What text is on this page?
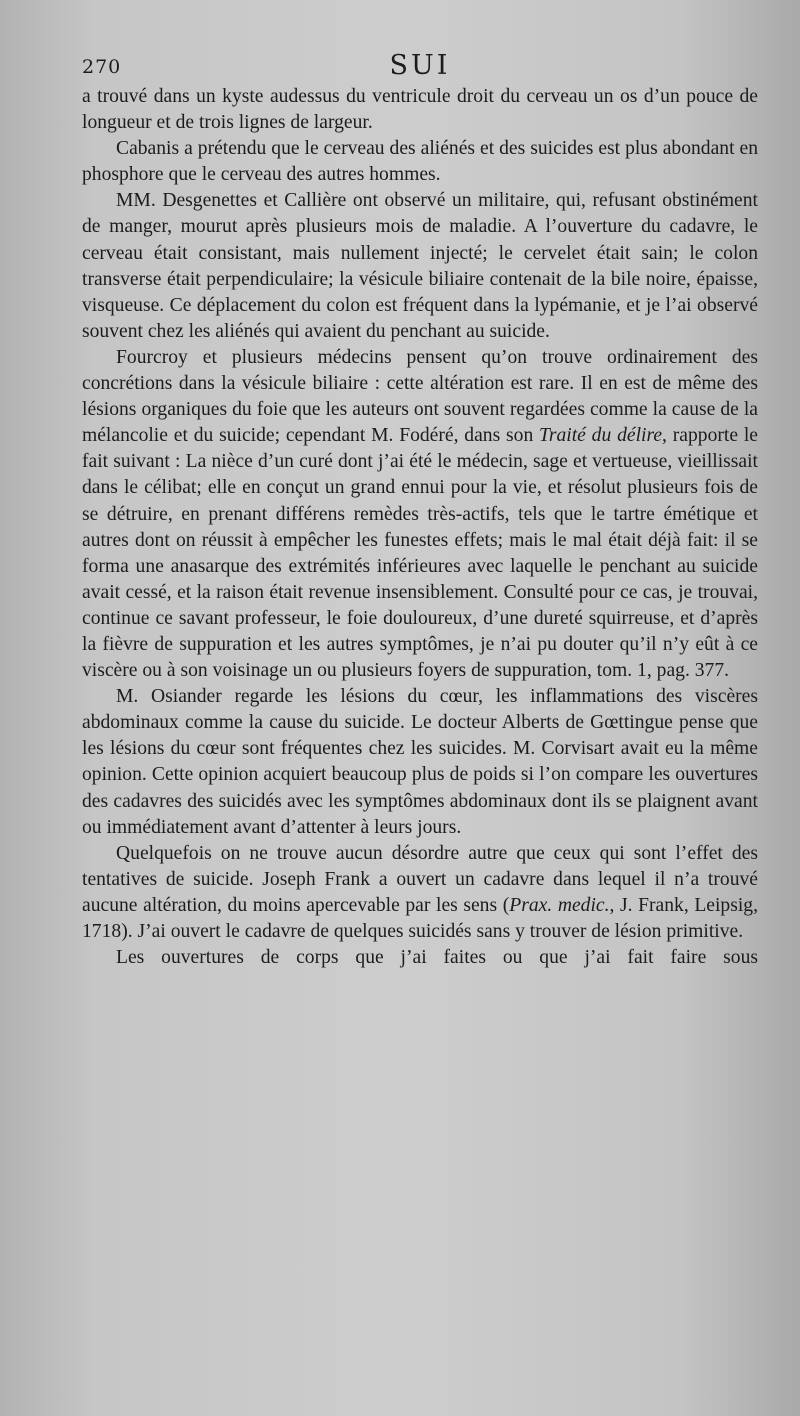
270	SUI

a trouvé dans un kyste audessus du ventricule droit du cerveau un os d’un pouce de longueur et de trois lignes de largeur.

Cabanis a prétendu que le cerveau des aliénés et des suicides est plus abondant en phosphore que le cerveau des autres hommes.

MM. Desgenettes et Callière ont observé un militaire, qui, refusant obstinément de manger, mourut après plusieurs mois de maladie. A l’ouverture du cadavre, le cerveau était consistant, mais nullement injecté; le cervelet était sain; le colon transverse était perpendiculaire; la vésicule biliaire contenait de la bile noire, épaisse, visqueuse. Ce déplacement du colon est fréquent dans la lypémanie, et je l’ai observé souvent chez les aliénés qui avaient du penchant au suicide.

Fourcroy et plusieurs médecins pensent qu’on trouve ordinairement des concrétions dans la vésicule biliaire : cette altération est rare. Il en est de même des lésions organiques du foie que les auteurs ont souvent regardées comme la cause de la mélancolie et du suicide; cependant M. Fodéré, dans son Traité du délire, rapporte le fait suivant : La nièce d’un curé dont j’ai été le médecin, sage et vertueuse, vieillissait dans le célibat; elle en conçut un grand ennui pour la vie, et résolut plusieurs fois de se détruire, en prenant différens remèdes très-actifs, tels que le tartre émétique et autres dont on réussit à empêcher les funestes effets; mais le mal était déjà fait: il se forma une anasarque des extrémités inférieures avec laquelle le penchant au suicide avait cessé, et la raison était revenue insensiblement. Consulté pour ce cas, je trouvai, continue ce savant professeur, le foie douloureux, d’une dureté squirreuse, et d’après la fièvre de suppuration et les autres symptômes, je n’ai pu douter qu’il n’y eût à ce viscère ou à son voisinage un ou plusieurs foyers de suppuration, tom. 1, pag. 377.

M. Osiander regarde les lésions du cœur, les inflammations des viscères abdominaux comme la cause du suicide. Le docteur Alberts de Gœttingue pense que les lésions du cœur sont fréquentes chez les suicides. M. Corvisart avait eu la même opinion. Cette opinion acquiert beaucoup plus de poids si l’on compare les ouvertures des cadavres des suicidés avec les symptômes abdominaux dont ils se plaignent avant ou immédiatement avant d’attenter à leurs jours.

Quelquefois on ne trouve aucun désordre autre que ceux qui sont l’effet des tentatives de suicide. Joseph Frank a ouvert un cadavre dans lequel il n’a trouvé aucune altération, du moins apercevable par les sens (Prax. medic., J. Frank, Leipsig, 1718). J’ai ouvert le cadavre de quelques suicidés sans y trouver de lésion primitive.

Les ouvertures de corps que j’ai faites ou que j’ai fait faire sous
